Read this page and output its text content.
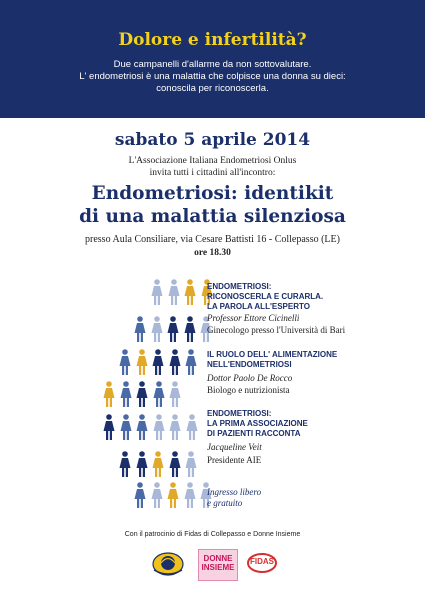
Dolore e infertilità?
Due campanelli d'allarme da non sottovalutare.
L' endometriosi è una malattia che colpisce una donna su dieci:
conoscila per riconoscerla.
sabato 5 aprile 2014
L'Associazione Italiana Endometriosi Onlus
invita tutti i cittadini all'incontro:
Endometriosi: identikit
di una malattia silenziosa
presso Aula Consiliare, via Cesare Battisti 16 - Collepasso (LE)
ore 18.30
ENDOMETRIOSI:
RICONOSCERLA E CURARLA.
LA PAROLA ALL'ESPERTO
Professor Ettore Cicinelli
Ginecologo presso l'Università di Bari
IL RUOLO DELL' ALIMENTAZIONE
NELL'ENDOMETRIOSI
Dottor Paolo De Rocco
Biologo e nutrizionista
ENDOMETRIOSI:
LA PRIMA ASSOCIAZIONE
DI PAZIENTI RACCONTA
Jacqueline Veit
Presidente AIE
Ingresso libero
e gratuito
Con il patrocinio di Fidas di Collepasso e Donne Insieme
DONNE
INSIEME
FIDAS
